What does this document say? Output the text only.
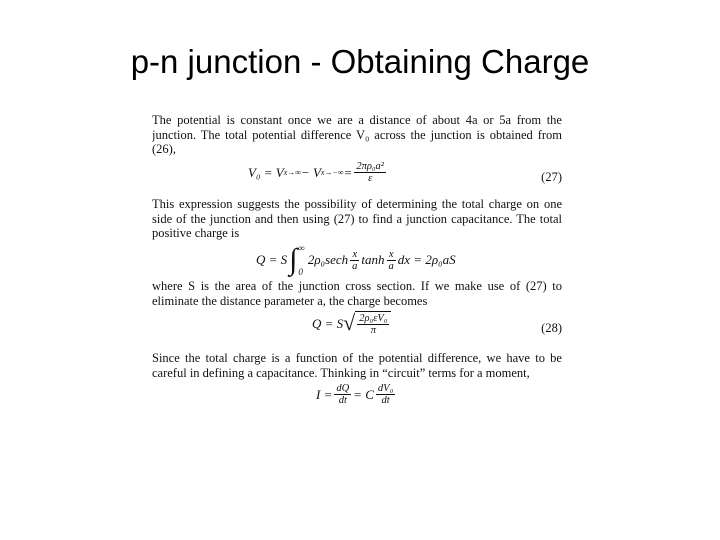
p-n junction - Obtaining Charge
The potential is constant once we are a distance of about 4a or 5a from the
junction. The total potential difference V₀ across the junction is obtained from
(26),
V₀ = V x→∞ − V $x\to-\infty = \frac{\text{2πρ₀a²}}{\varepsilon}$	(27)
This expression suggests the possibility of determining the total charge on one
side of the junction and then using (27) to find a junction capacitance. The total
positive charge is
Q = S ∫ ∞
0
$2\rho_0\sec h \frac{x}{a}$ $\tanh \frac{x}{a}$ dx = 2ρ₀aS
where S is the area of the junction cross section. If we make use of (27) to
eliminate the distance parameter a, the charge becomes
Q = S √ $\frac{\text{2ρ₀εV₀}}{\pi}$	(28)
Since the total charge is a function of the potential difference, we have to be
careful in defining a capacitance. Thinking in “circuit” terms for a moment,
$I = \frac{dQ}{dt} = C \frac{\text{dV₀}}{dt}$
